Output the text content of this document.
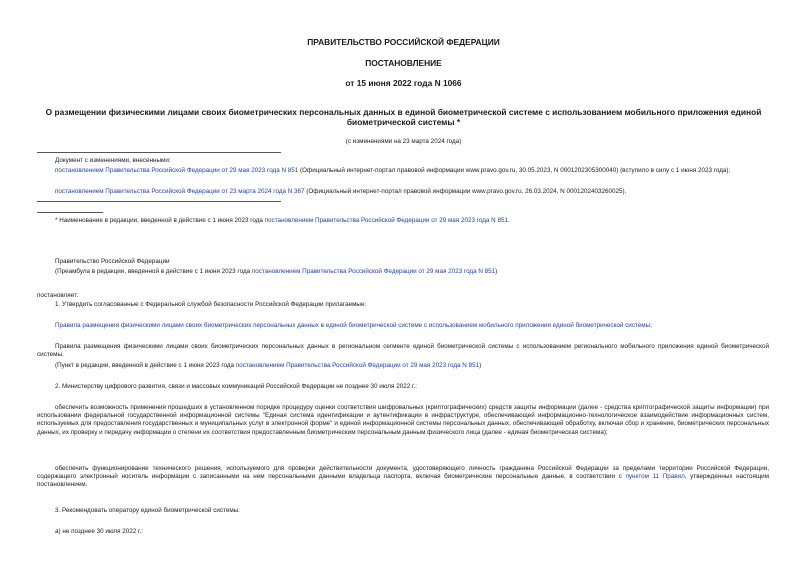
ПРАВИТЕЛЬСТВО РОССИЙСКОЙ ФЕДЕРАЦИИ
ПОСТАНОВЛЕНИЕ
от 15 июня 2022 года N 1066
О размещении физическими лицами своих биометрических персональных данных в единой биометрической системе с использованием мобильного приложения единой биометрической системы *
(с изменениями на 23 марта 2024 года)
Документ с изменениями, внесенными:
постановлением Правительства Российской Федерации от 29 мая 2023 года N 851 (Официальный интернет-портал правовой информации www.pravo.gov.ru, 30.05.2023, N 0001202305300040) (вступило в силу с 1 июня 2023 года);
постановлением Правительства Российской Федерации от 23 марта 2024 года N 367 (Официальный интернет-портал правовой информации www.pravo.gov.ru, 26.03.2024, N 0001202403260025).
* Наименование в редакции, введенной в действие с 1 июня 2023 года постановлением Правительства Российской Федерации от 29 мая 2023 года N 851.
Правительство Российской Федерации
(Преамбула в редакции, введенной в действие с 1 июня 2023 года постановлением Правительства Российской Федерации от 29 мая 2023 года N 851)
постановляет:
1. Утвердить согласованные с Федеральной службой безопасности Российской Федерации прилагаемые:
Правила размещения физическими лицами своих биометрических персональных данных в единой биометрической системе с использованием мобильного приложения единой биометрической системы;
Правила размещения физическими лицами своих биометрических персональных данных в региональном сегменте единой биометрической системы с использованием регионального мобильного приложения единой биометрической системы.
(Пункт в редакции, введенной в действие с 1 июня 2023 года постановлением Правительства Российской Федерации от 29 мая 2023 года N 851)
2. Министерству цифрового развития, связи и массовых коммуникаций Российской Федерации не позднее 30 июля 2022 г.:
обеспечить возможность применения прошедших в установленном порядке процедуру оценки соответствия шифровальных (криптографических) средств защиты информации (далее - средства криптографической защиты информации) при использовании федеральной государственной информационной системы "Единая система идентификации и аутентификации в инфраструктуре, обеспечивающей информационно-технологическое взаимодействие информационных систем, используемых для предоставления государственных и муниципальных услуг в электронной форме" и единой информационной системы персональных данных, обеспечивающей обработку, включая сбор и хранение, биометрических персональных данных, их проверку и передачу информации о степени их соответствия предоставленным биометрическим персональным данным физического лица (далее - единая биометрическая система);
обеспечить функционирование технического решения, используемого для проверки действительности документа, удостоверяющего личность гражданина Российской Федерации за пределами территории Российской Федерации, содержащего электронный носитель информации с записанными на нем персональными данными владельца паспорта, включая биометрические персональные данные, в соответствии с пунктом 11 Правил, утвержденных настоящим постановлением.
3. Рекомендовать оператору единой биометрической системы:
а) не позднее 30 июля 2022 г.:
